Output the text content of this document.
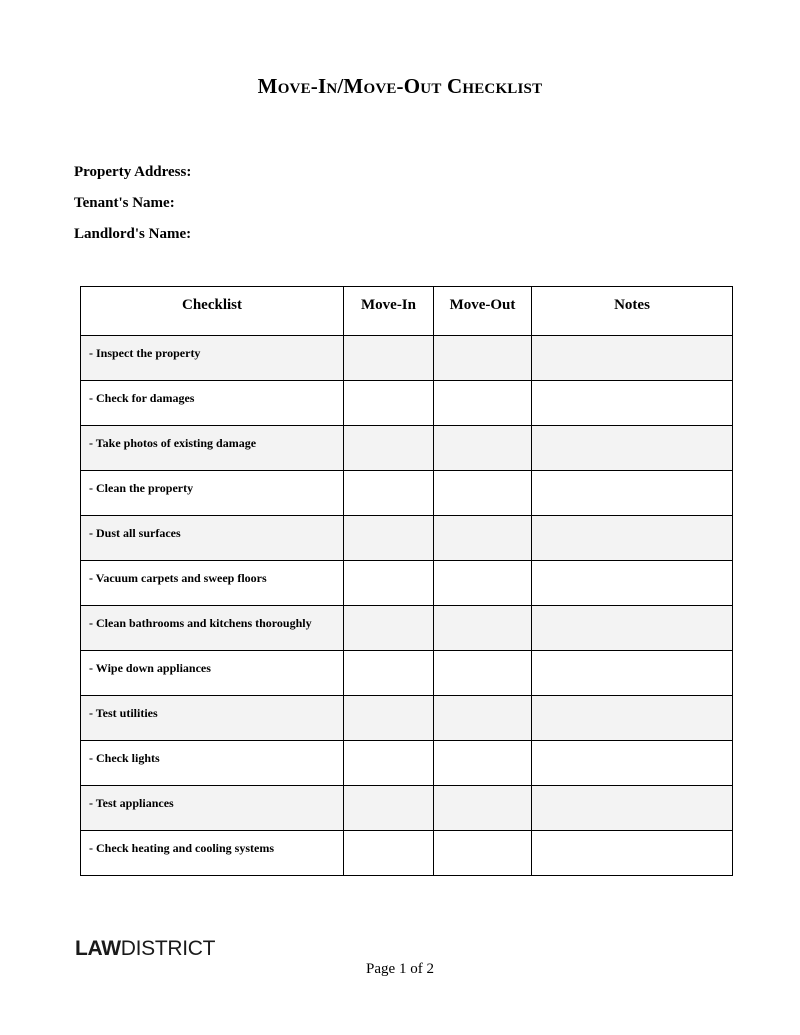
Move-In/Move-Out Checklist
Property Address:
Tenant's Name:
Landlord's Name:
Checklist	Move-In	Move-Out	Notes
- Inspect the property			
- Check for damages			
- Take photos of existing damage			
- Clean the property			
- Dust all surfaces			
- Vacuum carpets and sweep floors			
- Clean bathrooms and kitchens thoroughly			
- Wipe down appliances			
- Test utilities			
- Check lights			
- Test appliances			
- Check heating and cooling systems			
LAWDISTRICT
Page 1 of 2
